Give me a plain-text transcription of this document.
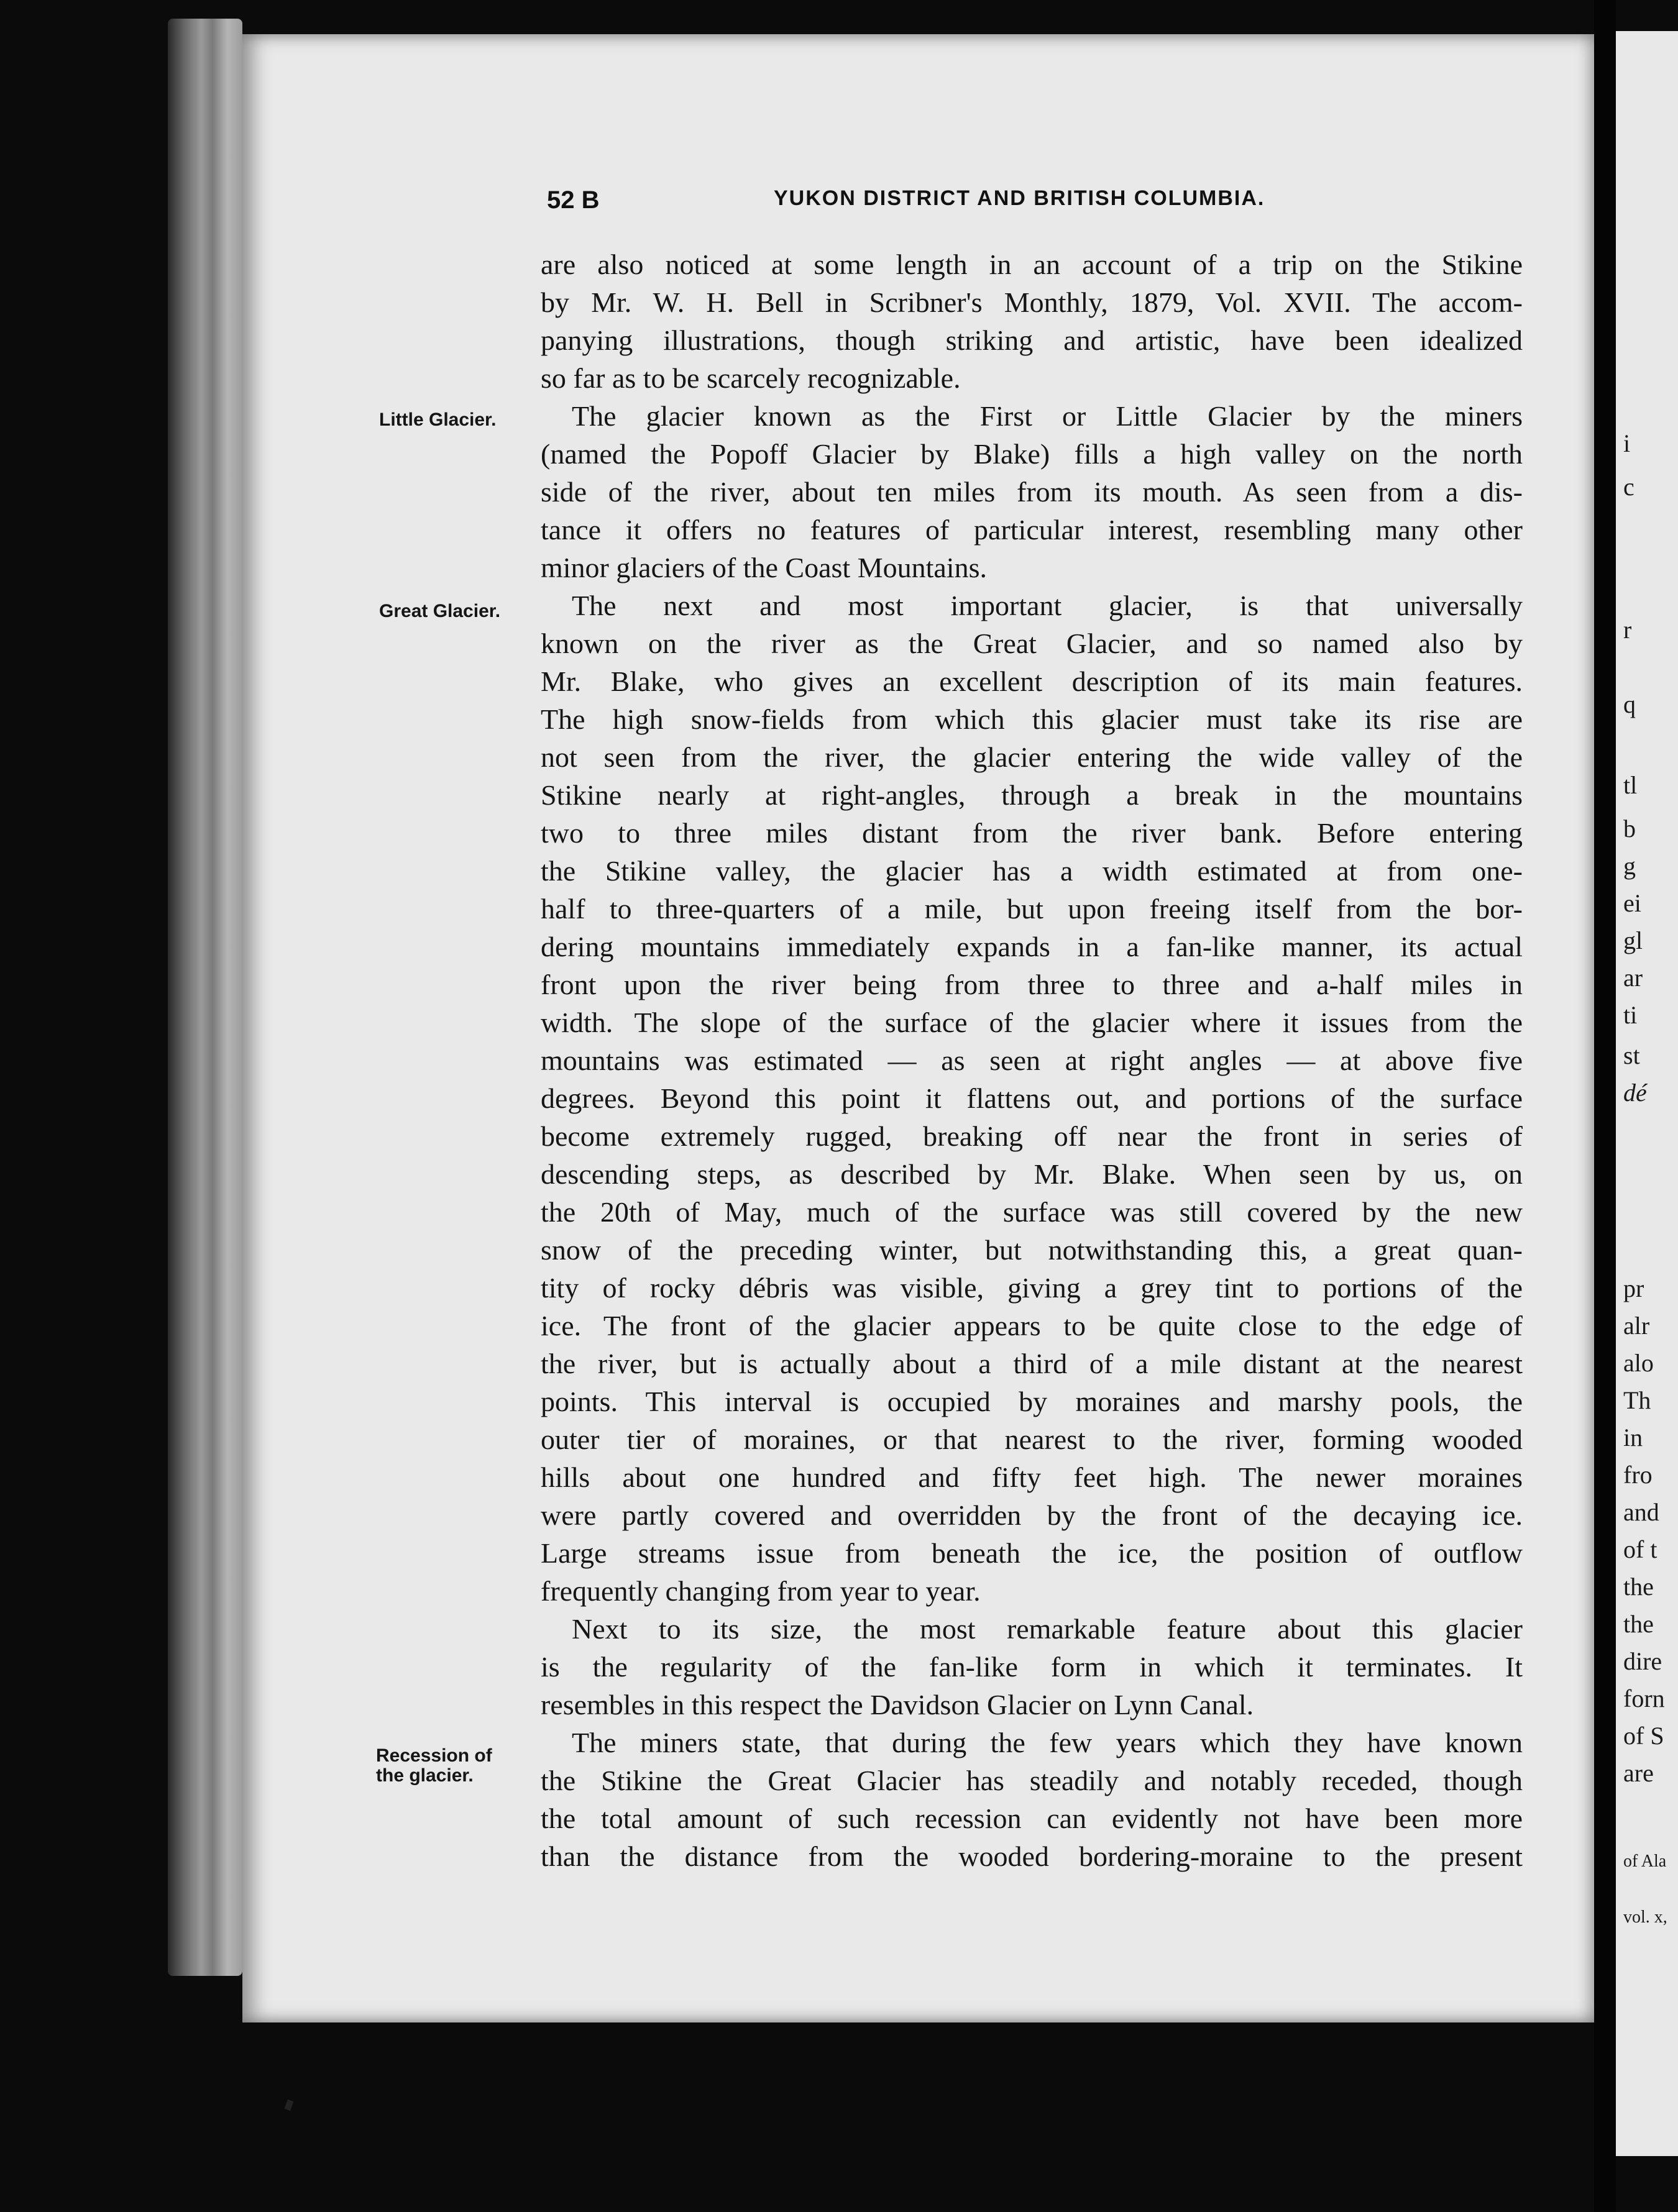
i
c
r
q
tl
b
g
ei
gl
ar
ti
st
dé
pr
alr
alo
Th
in
fro
and
of t
the
the
dire
forn
of S
are
of Ala
vol. x,
52 B	YUKON DISTRICT AND BRITISH COLUMBIA.
Little Glacier.
Great Glacier.
Recession of the glacier.
are also noticed at some length in an account of a trip on the Stikine
by Mr. W. H. Bell in Scribner's Monthly, 1879, Vol. XVII. The accom-
panying illustrations, though striking and artistic, have been idealized
so far as to be scarcely recognizable.
The glacier known as the First or Little Glacier by the miners
(named the Popoff Glacier by Blake) fills a high valley on the north
side of the river, about ten miles from its mouth. As seen from a dis-
tance it offers no features of particular interest, resembling many other
minor glaciers of the Coast Mountains.
The next and most important glacier, is that universally
known on the river as the Great Glacier, and so named also by
Mr. Blake, who gives an excellent description of its main features.
The high snow-fields from which this glacier must take its rise are
not seen from the river, the glacier entering the wide valley of the
Stikine nearly at right-angles, through a break in the mountains
two to three miles distant from the river bank. Before entering
the Stikine valley, the glacier has a width estimated at from one-
half to three-quarters of a mile, but upon freeing itself from the bor-
dering mountains immediately expands in a fan-like manner, its actual
front upon the river being from three to three and a-half miles in
width. The slope of the surface of the glacier where it issues from the
mountains was estimated — as seen at right angles — at above five
degrees. Beyond this point it flattens out, and portions of the surface
become extremely rugged, breaking off near the front in series of
descending steps, as described by Mr. Blake. When seen by us, on
the 20th of May, much of the surface was still covered by the new
snow of the preceding winter, but notwithstanding this, a great quan-
tity of rocky débris was visible, giving a grey tint to portions of the
ice. The front of the glacier appears to be quite close to the edge of
the river, but is actually about a third of a mile distant at the nearest
points. This interval is occupied by moraines and marshy pools, the
outer tier of moraines, or that nearest to the river, forming wooded
hills about one hundred and fifty feet high. The newer moraines
were partly covered and overridden by the front of the decaying ice.
Large streams issue from beneath the ice, the position of outflow
frequently changing from year to year.
Next to its size, the most remarkable feature about this glacier
is the regularity of the fan-like form in which it terminates. It
resembles in this respect the Davidson Glacier on Lynn Canal.
The miners state, that during the few years which they have known
the Stikine the Great Glacier has steadily and notably receded, though
the total amount of such recession can evidently not have been more
than the distance from the wooded bordering-moraine to the present
